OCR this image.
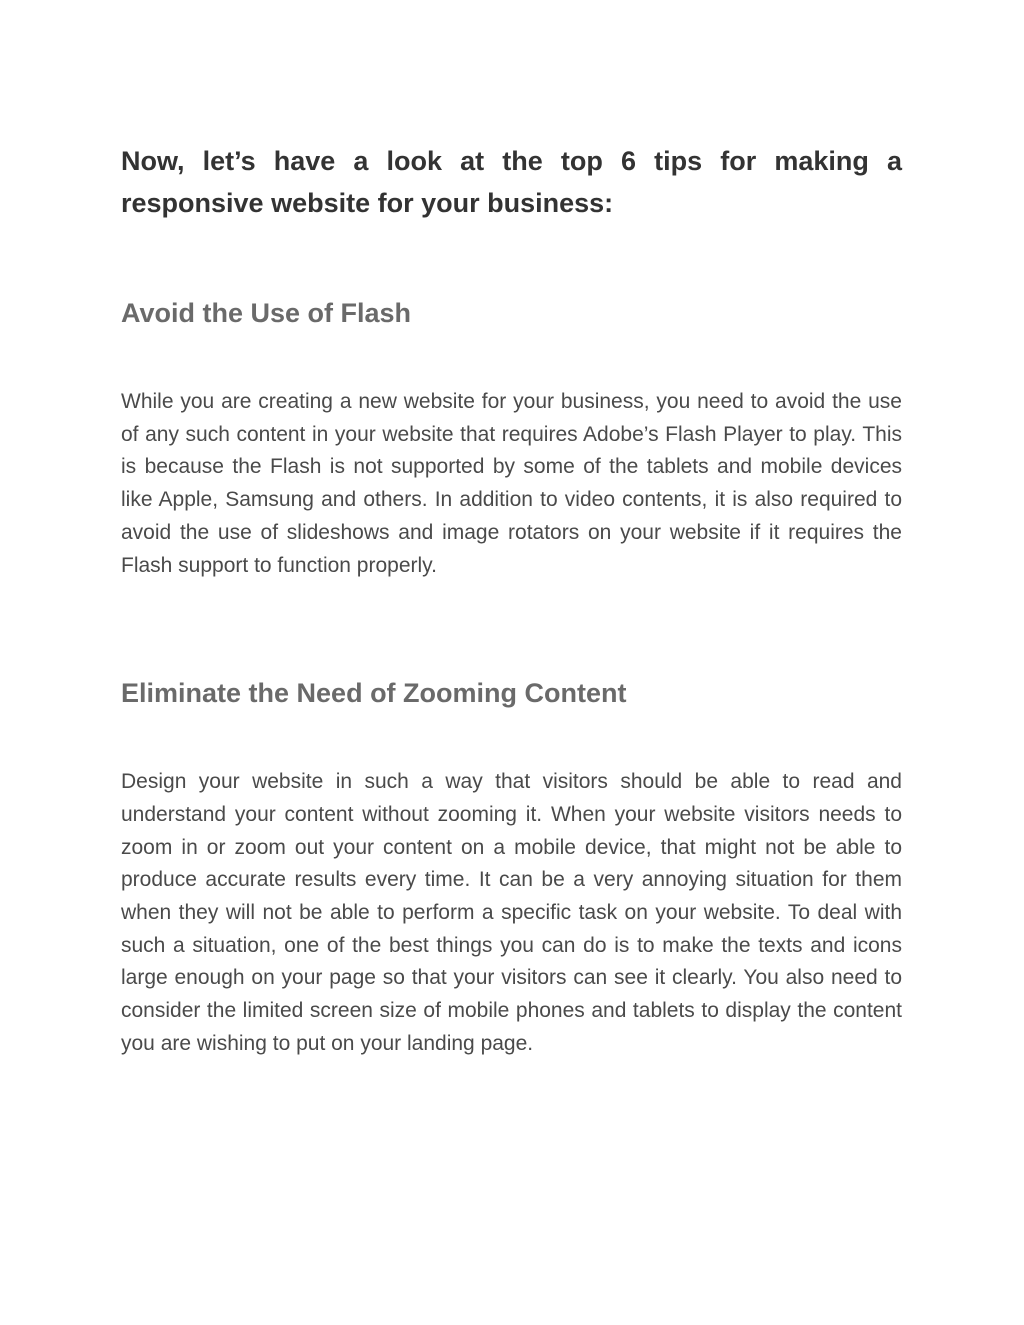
Now, let’s have a look at the top 6 tips for making a responsive website for your business:

Avoid the Use of Flash

While you are creating a new website for your business, you need to avoid the use of any such content in your website that requires Adobe’s Flash Player to play. This is because the Flash is not supported by some of the tablets and mobile devices like Apple, Samsung and others. In addition to video contents, it is also required to avoid the use of slideshows and image rotators on your website if it requires the Flash support to function properly.

Eliminate the Need of Zooming Content

Design your website in such a way that visitors should be able to read and understand your content without zooming it. When your website visitors needs to zoom in or zoom out your content on a mobile device, that might not be able to produce accurate results every time. It can be a very annoying situation for them when they will not be able to perform a specific task on your website. To deal with such a situation, one of the best things you can do is to make the texts and icons large enough on your page so that your visitors can see it clearly. You also need to consider the limited screen size of mobile phones and tablets to display the content you are wishing to put on your landing page.
